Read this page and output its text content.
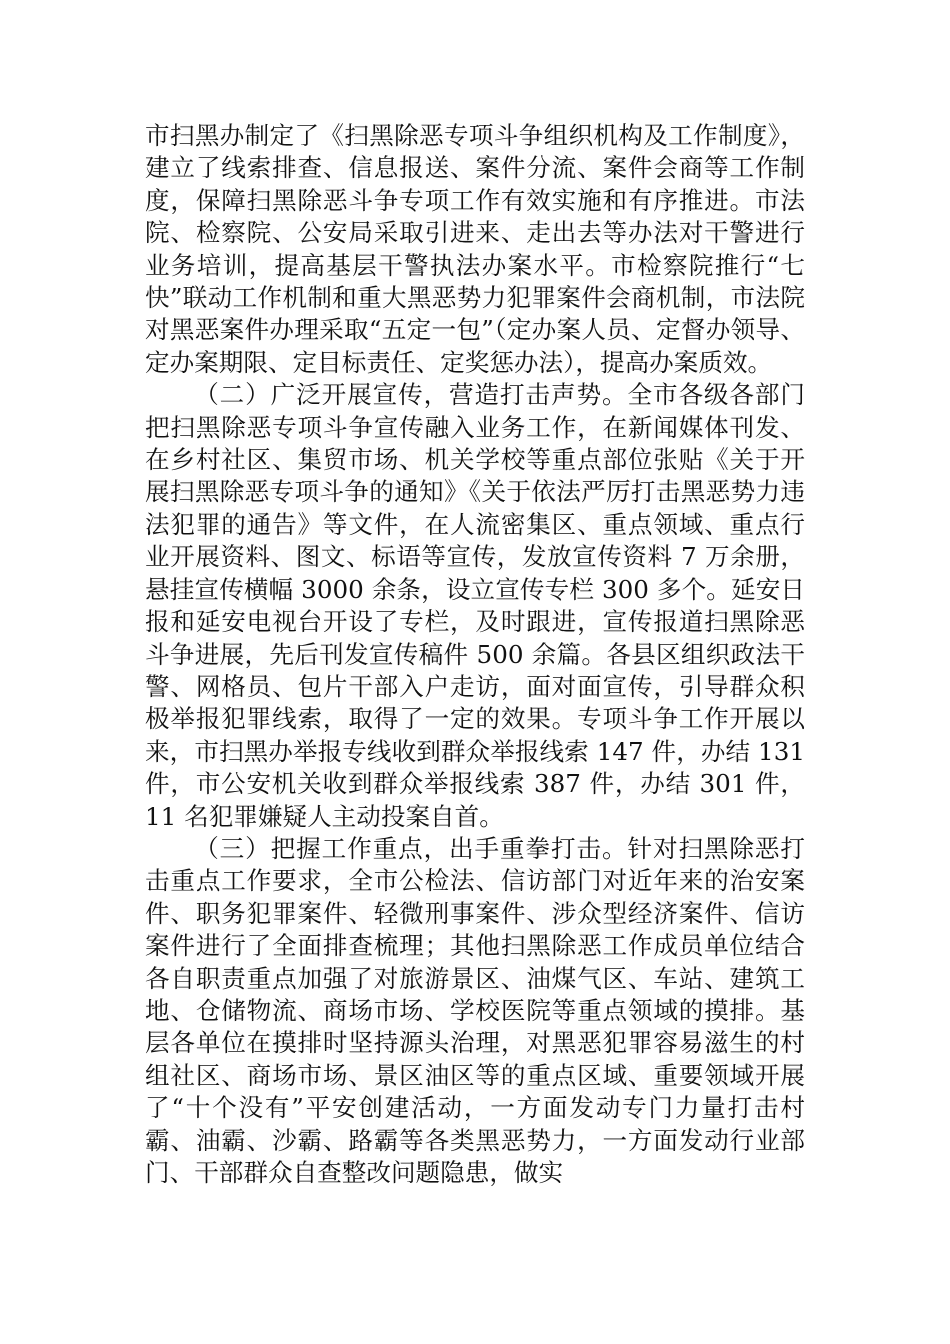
市扫黑办制定了《扫黑除恶专项斗争组织机构及工作制度》，建立了线索排查、信息报送、案件分流、案件会商等工作制度，保障扫黑除恶斗争专项工作有效实施和有序推进。市法院、检察院、公安局采取引进来、走出去等办法对干警进行业务培训，提高基层干警执法办案水平。市检察院推行“七快”联动工作机制和重大黑恶势力犯罪案件会商机制，市法院对黑恶案件办理采取“五定一包”（定办案人员、定督办领导、定办案期限、定目标责任、定奖惩办法），提高办案质效。

（二）广泛开展宣传，营造打击声势。全市各级各部门把扫黑除恶专项斗争宣传融入业务工作，在新闻媒体刊发、在乡村社区、集贸市场、机关学校等重点部位张贴《关于开展扫黑除恶专项斗争的通知》《关于依法严厉打击黑恶势力违法犯罪的通告》等文件，在人流密集区、重点领域、重点行业开展资料、图文、标语等宣传，发放宣传资料 7 万余册，悬挂宣传横幅 3000 余条，设立宣传专栏 300 多个。延安日报和延安电视台开设了专栏，及时跟进，宣传报道扫黑除恶斗争进展，先后刊发宣传稿件 500 余篇。各县区组织政法干警、网格员、包片干部入户走访，面对面宣传，引导群众积极举报犯罪线索，取得了一定的效果。专项斗争工作开展以来，市扫黑办举报专线收到群众举报线索 147 件，办结 131 件，市公安机关收到群众举报线索 387 件，办结 301 件，11 名犯罪嫌疑人主动投案自首。

（三）把握工作重点，出手重拳打击。针对扫黑除恶打击重点工作要求，全市公检法、信访部门对近年来的治安案件、职务犯罪案件、轻微刑事案件、涉众型经济案件、信访案件进行了全面排查梳理；其他扫黑除恶工作成员单位结合各自职责重点加强了对旅游景区、油煤气区、车站、建筑工地、仓储物流、商场市场、学校医院等重点领域的摸排。基层各单位在摸排时坚持源头治理，对黑恶犯罪容易滋生的村组社区、商场市场、景区油区等的重点区域、重要领域开展了“十个没有”平安创建活动，一方面发动专门力量打击村霸、油霸、沙霸、路霸等各类黑恶势力，一方面发动行业部门、干部群众自查整改问题隐患，做实
